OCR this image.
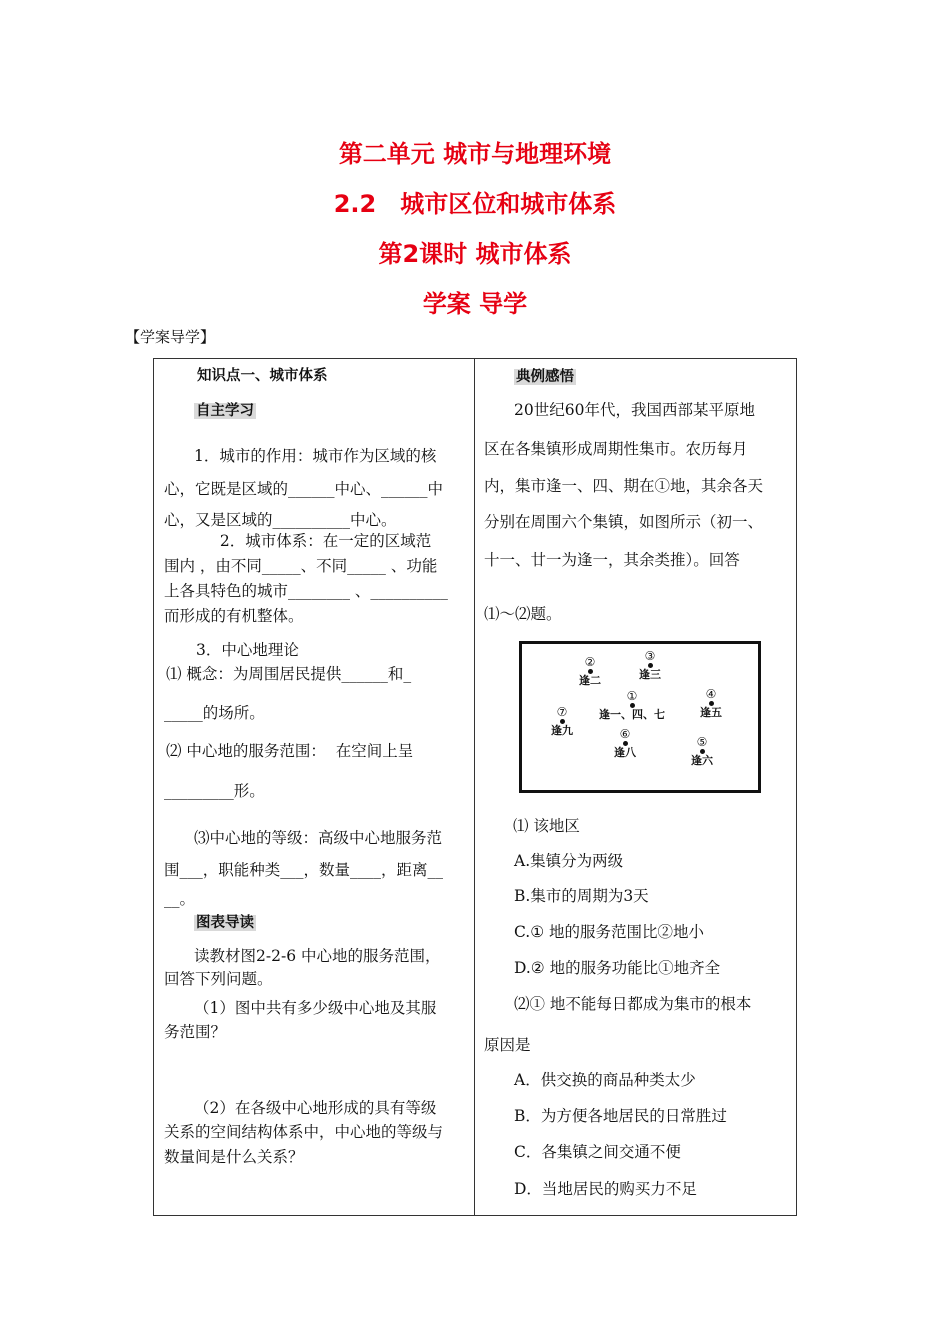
第二单元 城市与地理环境
2.2　城市区位和城市体系
第2课时 城市体系
学案 导学
【学案导学】
知识点一、城市体系
自主学习
1．城市的作用：城市作为区域的核
心，它既是区域的______中心、______中
心，又是区域的__________中心。
2．城市体系：在一定的区域范
围内 ，由不同_____、不同_____ 、功能
上各具特色的城市________ 、__________
而形成的有机整体。
3．中心地理论
⑴ 概念：为周围居民提供______和_
_____的场所。
⑵ 中心地的服务范围：  在空间上呈
_________形。
⑶中心地的等级：高级中心地服务范
围___，职能种类___，数量____，距离__
__。
图表导读
读教材图2-2-6 中心地的服务范围，
回答下列问题。
（1）图中共有多少级中心地及其服
务范围？
（2）在各级中心地形成的具有等级
关系的空间结构体系中，中心地的等级与
数量间是什么关系？
典例感悟
20世纪60年代，我国西部某平原地
区在各集镇形成周期性集市。农历每月
内，集市逢一、四、期在①地，其余各天
分别在周围六个集镇，如图所示（初一、
十一、廿一为逢一，其余类推）。回答
⑴～⑵题。
②
逢二
③
逢三
①
逢一、四、七
④
逢五
⑦
逢九	⑥
逢八
⑤
逢六
⑴ 该地区
A.集镇分为两级
B.集市的周期为3天
C.① 地的服务范围比②地小
D.② 地的服务功能比①地齐全
⑵① 地不能每日都成为集市的根本
原因是
A．供交换的商品种类太少
B．为方便各地居民的日常胜过
C．各集镇之间交通不便
D．当地居民的购买力不足
